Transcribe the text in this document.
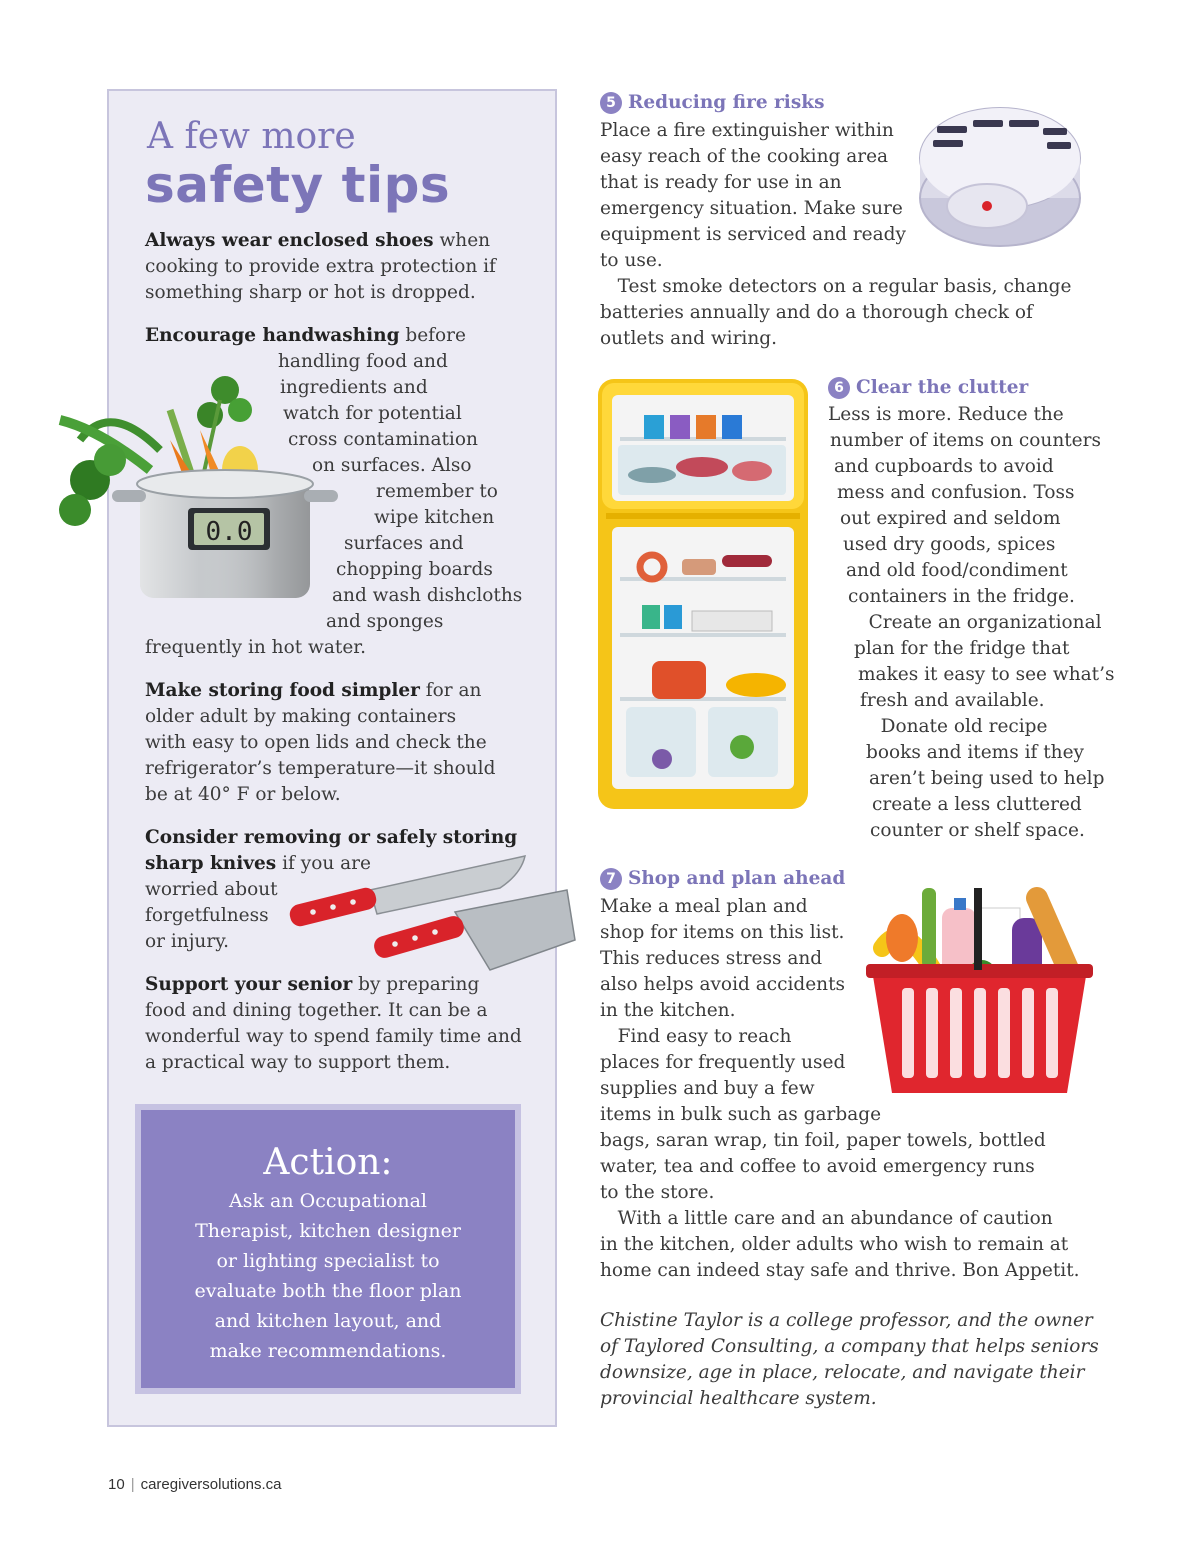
A few more
safety tips
Always wear enclosed shoes when
cooking to provide extra protection if
something sharp or hot is dropped.
Encourage handwashing before
handling food and
ingredients and
watch for potential
cross contamination
on surfaces. Also
remember to
wipe kitchen
surfaces and
chopping boards
and wash dishcloths
and sponges
frequently in hot water.
0.0
Make storing food simpler for an
older adult by making containers
with easy to open lids and check the
refrigerator’s temperature—it should
be at 40° F or below.
Consider removing or safely storing
sharp knives if you are
worried about
forgetfulness
or injury.
Support your senior by preparing
food and dining together. It can be a
wonderful way to spend family time and
a practical way to support them.
Action:
Ask an Occupational
Therapist, kitchen designer
or lighting specialist to
evaluate both the floor plan
and kitchen layout, and
make recommendations.
5 Reducing fire risks
Place a fire extinguisher within
easy reach of the cooking area
that is ready for use in an
emergency situation. Make sure
equipment is serviced and ready
to use.
Test smoke detectors on a regular basis, change
batteries annually and do a thorough check of
outlets and wiring.
6 Clear the clutter
Less is more. Reduce the
number of items on counters
and cupboards to avoid
mess and confusion. Toss
out expired and seldom
used dry goods, spices
and old food/condiment
containers in the fridge.
Create an organizational
plan for the fridge that
makes it easy to see what’s
fresh and available.
Donate old recipe
books and items if they
aren’t being used to help
create a less cluttered
counter or shelf space.
7 Shop and plan ahead
Make a meal plan and
shop for items on this list.
This reduces stress and
also helps avoid accidents
in the kitchen.
Find easy to reach
places for frequently used
supplies and buy a few
items in bulk such as garbage
bags, saran wrap, tin foil, paper towels, bottled
water, tea and coffee to avoid emergency runs
to the store.
With a little care and an abundance of caution
in the kitchen, older adults who wish to remain at
home can indeed stay safe and thrive. Bon Appetit.
Chistine Taylor is a college professor, and the owner
of Taylored Consulting, a company that helps seniors
downsize, age in place, relocate, and navigate their
provincial healthcare system.
10 | caregiversolutions.ca
